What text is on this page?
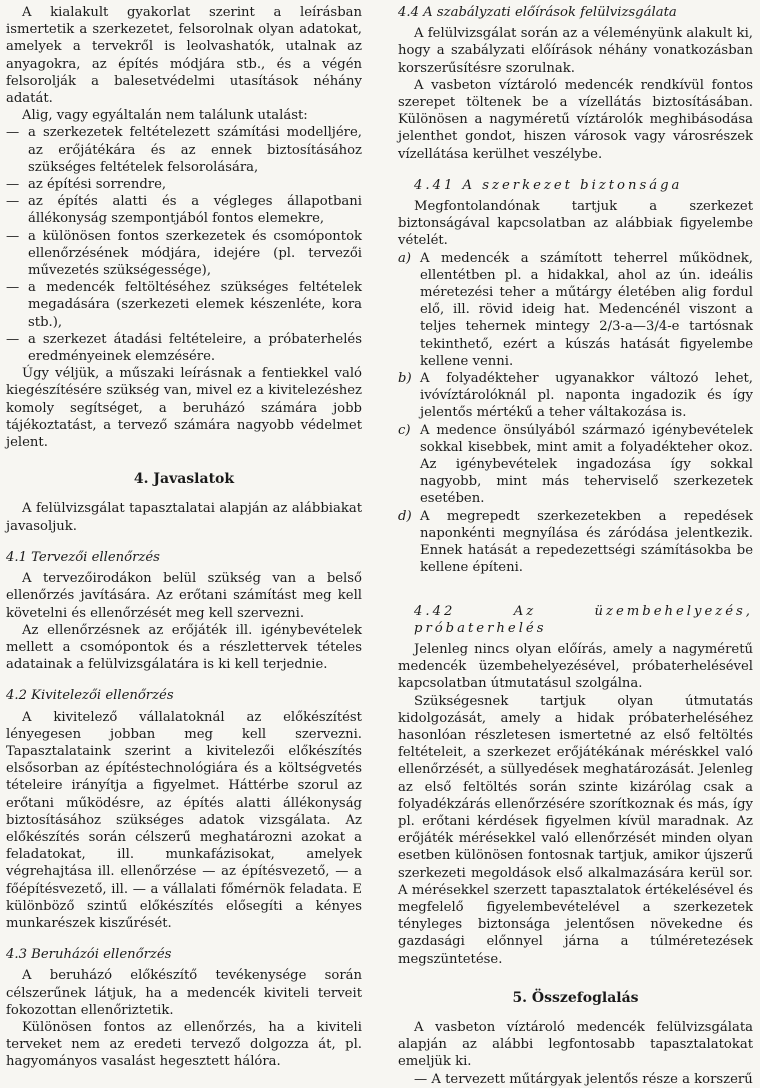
A kialakult gyakorlat szerint a leírásban ismertetik a szerkezetet, felsorolnak olyan adatokat, amelyek a tervekről is leolvashatók, utalnak az anyagokra, az építés módjára stb., és a végén felsorolják a balesetvédelmi utasítások néhány adatát.

Alig, vagy egyáltalán nem találunk utalást:

— a szerkezetek feltételezett számítási modelljére, az erőjátékára és az ennek biztosításához szükséges feltételek felsorolására,
— az építési sorrendre,
— az építés alatti és a végleges állapotbani állékonyság szempontjából fontos elemekre,
— a különösen fontos szerkezetek és csomópontok ellenőrzésének módjára, idejére (pl. tervezői művezetés szükségessége),
— a medencék feltöltéséhez szükséges feltételek megadására (szerkezeti elemek készenléte, kora stb.),
— a szerkezet átadási feltételeire, a próbaterhelés eredményeinek elemzésére.

Úgy véljük, a műszaki leírásnak a fentiekkel való kiegészítésére szükség van, mivel ez a kivitelezéshez komoly segítséget, a beruházó számára jobb tájékoztatást, a tervező számára nagyobb védelmet jelent.

4. Javaslatok

A felülvizsgálat tapasztalatai alapján az alábbiakat javasoljuk.

4.1 Tervezői ellenőrzés

A tervezőirodákon belül szükség van a belső ellenőrzés javítására. Az erőtani számítást meg kell követelni és ellenőrzését meg kell szervezni.

Az ellenőrzésnek az erőjáték ill. igénybevételek mellett a csomópontok és a részlettervek tételes adatainak a felülvizsgálatára is ki kell terjednie.

4.2 Kivitelezői ellenőrzés

A kivitelező vállalatoknál az előkészítést lényegesen jobban meg kell szervezni. Tapasztalataink szerint a kivitelezői előkészítés elsősorban az építéstechnológiára és a költségvetés tételeire irányítja a figyelmet. Háttérbe szorul az erőtani működésre, az építés alatti állékonyság biztosításához szükséges adatok vizsgálata. Az előkészítés során célszerű meghatározni azokat a feladatokat, ill. munkafázisokat, amelyek végrehajtása ill. ellenőrzése — az építésvezető, — a főépítésvezető, ill. — a vállalati főmérnök feladata. E különböző szintű előkészítés elősegíti a kényes munkarészek kiszűrését.

4.3 Beruházói ellenőrzés

A beruházó előkészítő tevékenysége során célszerűnek látjuk, ha a medencék kiviteli terveit fokozottan ellenőriztetik.

Különösen fontos az ellenőrzés, ha a kiviteli terveket nem az eredeti tervező dolgozza át, pl. hagyományos vasalást hegesztett hálóra.

4.4 A szabályzati előírások felülvizsgálata

A felülvizsgálat során az a véleményünk alakult ki, hogy a szabályzati előírások néhány vonatkozásban korszerűsítésre szorulnak.

A vasbeton víztároló medencék rendkívül fontos szerepet töltenek be a vízellátás biztosításában. Különösen a nagyméretű víztárolók meghibásodása jelenthet gondot, hiszen városok vagy városrészek vízellátása kerülhet veszélybe.

4.41 A szerkezet biztonsága

Megfontolandónak tartjuk a szerkezet biztonságával kapcsolatban az alábbiak figyelembe vételét.

a) A medencék a számított teherrel működnek, ellentétben pl. a hidakkal, ahol az ún. ideális méretezési teher a műtárgy életében alig fordul elő, ill. rövid ideig hat. Medencénél viszont a teljes tehernek mintegy 2/3-a—3/4-e tartósnak tekinthető, ezért a kúszás hatását figyelembe kellene venni.
b) A folyadékteher ugyanakkor változó lehet, ivóvíztárolóknál pl. naponta ingadozik és így jelentős mértékű a teher váltakozása is.
c) A medence önsúlyából származó igénybevételek sokkal kisebbek, mint amit a folyadékteher okoz. Az igénybevételek ingadozása így sokkal nagyobb, mint más teherviselő szerkezetek esetében.
d) A megrepedt szerkezetekben a repedések naponkénti megnyílása és záródása jelentkezik. Ennek hatását a repedezettségi számításokba be kellene építeni.
4.42 Az üzembehelyezés, próbaterhelés

Jelenleg nincs olyan előírás, amely a nagyméretű medencék üzembehelyezésével, próbaterhelésével kapcsolatban útmutatásul szolgálna.

Szükségesnek tartjuk olyan útmutatás kidolgozását, amely a hidak próbaterheléséhez hasonlóan részletesen ismertetné az első feltöltés feltételeit, a szerkezet erőjátékának méréskkel való ellenőrzését, a süllyedések meghatározását. Jelenleg az első feltöltés során szinte kizárólag csak a folyadékzárás ellenőrzésére szorítkoznak és más, így pl. erőtani kérdések figyelmen kívül maradnak. Az erőjáték mérésekkel való ellenőrzését minden olyan esetben különösen fontosnak tartjuk, amikor újszerű szerkezeti megoldások első alkalmazására kerül sor. A mérésekkel szerzett tapasztalatok értékelésével és megfelelő figyelembevételével a szerkezetek tényleges biztonsága jelentősen növekedne és gazdasági előnnyel járna a túlméretezések megszüntetése.

5. Összefoglalás

A vasbeton víztároló medencék felülvizsgálata alapján az alábbi legfontosabb tapasztalatokat emeljük ki.

— A tervezett műtárgyak jelentős része a korszerű
